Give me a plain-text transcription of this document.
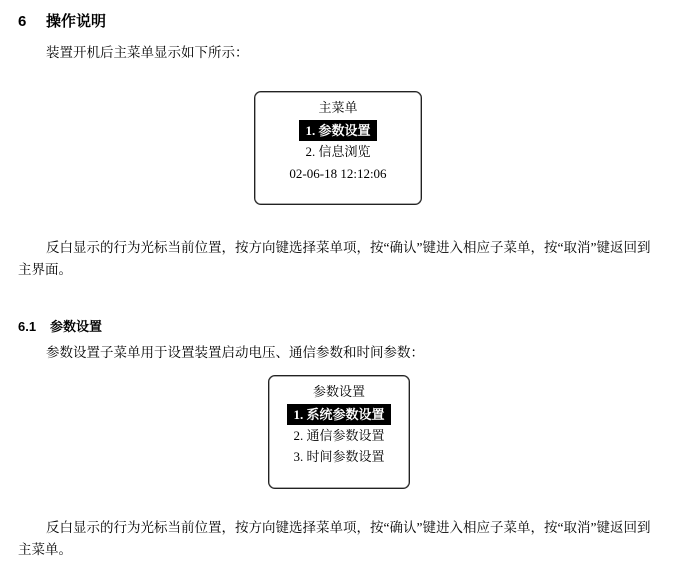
6 操作说明
装置开机后主菜单显示如下所示：
主菜单
1. 参数设置
2. 信息浏览
02-06-18 12:12:06
反白显示的行为光标当前位置，按方向键选择菜单项，按“确认”键进入相应子菜单，按“取消”键返回到主界面。
6.1 参数设置
参数设置子菜单用于设置装置启动电压、通信参数和时间参数：
参数设置
1. 系统参数设置
2. 通信参数设置
3. 时间参数设置
反白显示的行为光标当前位置，按方向键选择菜单项，按“确认”键进入相应子菜单，按“取消”键返回到主菜单。
